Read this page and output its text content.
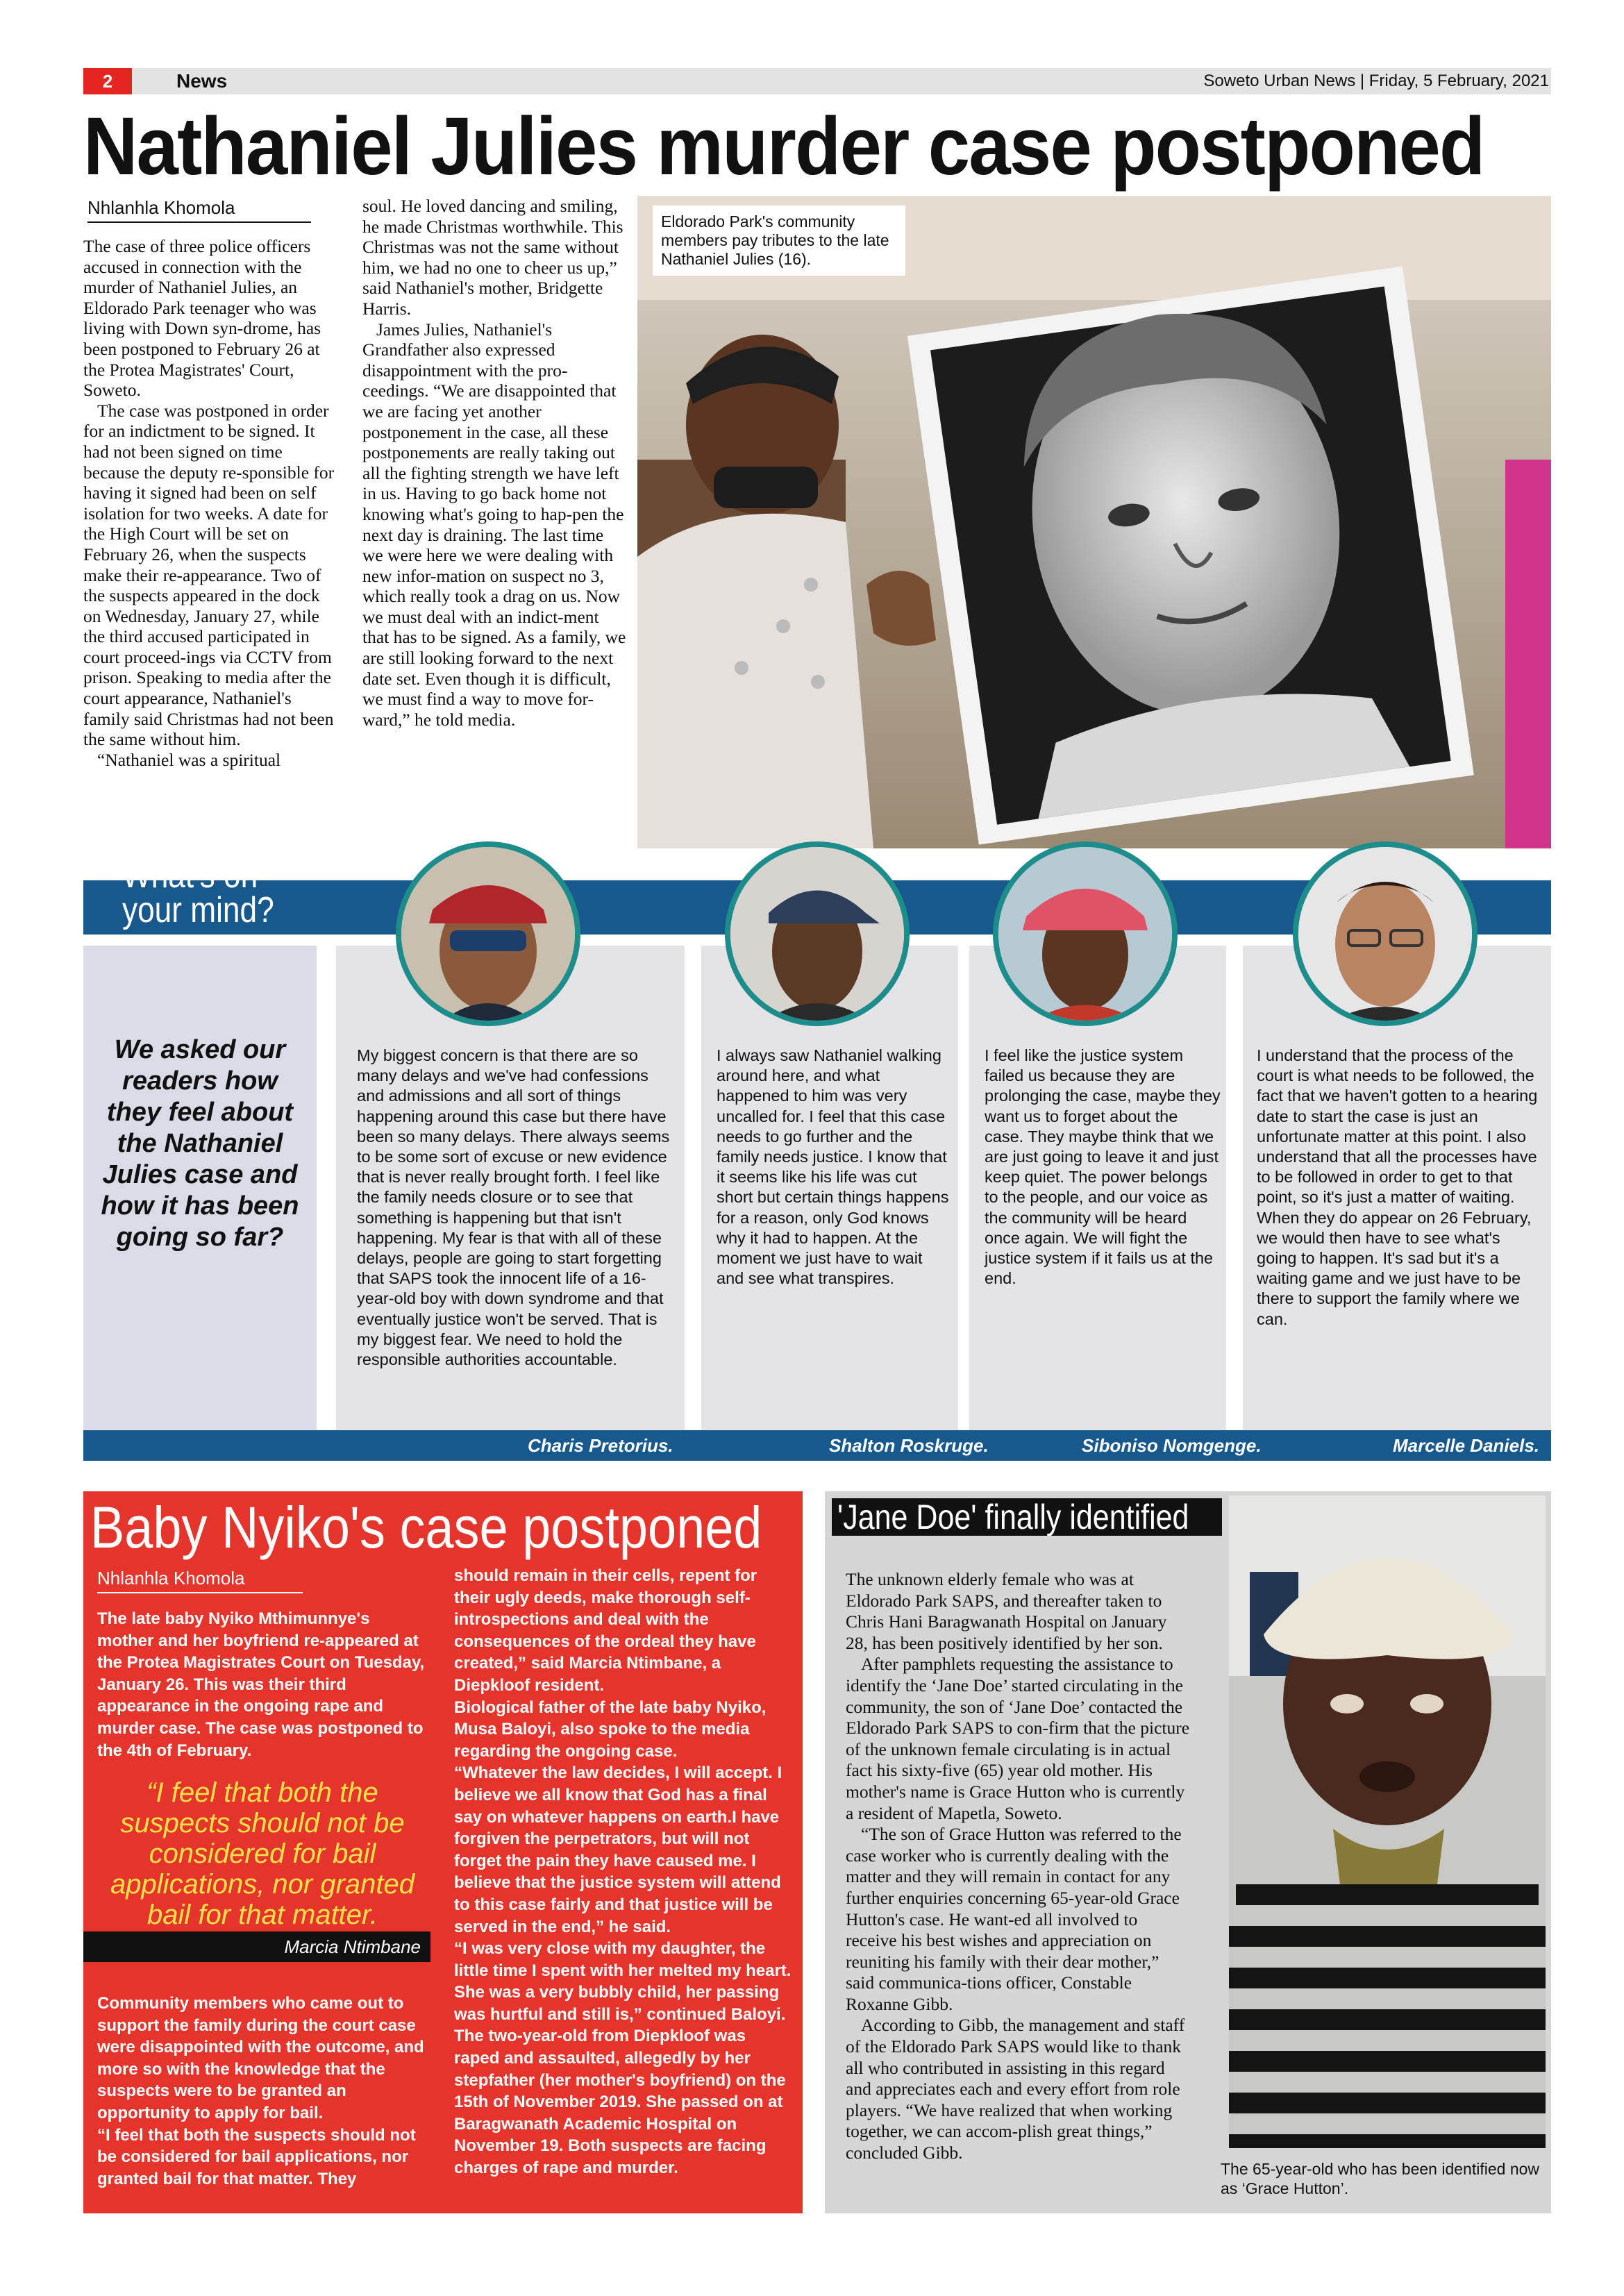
2	News	Soweto Urban News | Friday, 5 February, 2021
Nathaniel Julies murder case postponed
Nhlanhla Khomola

The case of three police officers accused in connection with the murder of Nathaniel Julies, an Eldorado Park teenager who was living with Down syn-drome, has been postponed to February 26 at the Protea Magistrates' Court, Soweto.

The case was postponed in order for an indictment to be signed. It had not been signed on time because the deputy re-sponsible for having it signed had been on self isolation for two weeks. A date for the High Court will be set on February 26, when the suspects make their re-appearance. Two of the suspects appeared in the dock on Wednesday, January 27, while the third accused participated in court proceed-ings via CCTV from prison. Speaking to media after the court appearance, Nathaniel's family said Christmas had not been the same without him.

“Nathaniel was a spiritual

soul. He loved dancing and smiling, he made Christmas worthwhile. This Christmas was not the same without him, we had no one to cheer us up,” said Nathaniel's mother, Bridgette Harris.

James Julies, Nathaniel's Grandfather also expressed disappointment with the pro-ceedings. “We are disappointed that we are facing yet another postponement in the case, all these postponements are really taking out all the fighting strength we have left in us. Having to go back home not knowing what's going to hap-pen the next day is draining. The last time we were here we were dealing with new infor-mation on suspect no 3, which really took a drag on us. Now we must deal with an indict-ment that has to be signed. As a family, we are still looking forward to the next date set. Even though it is difficult, we must find a way to move for-ward,” he told media.

Eldorado Park's community members pay tributes to the late Nathaniel Julies (16).
What's on
your mind?
We asked our readers how they feel about the Nathaniel Julies case and how it has been going so far?
My biggest concern is that there are so many delays and we've had confessions and admissions and all sort of things happening around this case but there have been so many delays. There always seems to be some sort of excuse or new evidence that is never really brought forth. I feel like the family needs closure or to see that something is happening but that isn't happening. My fear is that with all of these delays, people are going to start forgetting that SAPS took the innocent life of a 16-year-old boy with down syndrome and that eventually justice won't be served. That is my biggest fear. We need to hold the responsible authorities accountable.
I always saw Nathaniel walking around here, and what happened to him was very uncalled for. I feel that this case needs to go further and the family needs justice. I know that it seems like his life was cut short but certain things happens for a reason, only God knows why it had to happen. At the moment we just have to wait and see what transpires.
I feel like the justice system failed us because they are prolonging the case, maybe they want us to forget about the case. They maybe think that we are just going to leave it and just keep quiet. The power belongs to the people, and our voice as the community will be heard once again. We will fight the justice system if it fails us at the end.
I understand that the process of the court is what needs to be followed, the fact that we haven't gotten to a hearing date to start the case is just an unfortunate matter at this point. I also understand that all the processes have to be followed in order to get to that point, so it's just a matter of waiting. When they do appear on 26 February, we would then have to see what's going to happen. It's sad but it's a waiting game and we just have to be there to support the family where we can.
Charis Pretorius.	Shalton Roskruge.	Siboniso Nomgenge.	Marcelle Daniels.
Baby Nyiko's case postponed
Nhlanhla Khomola
The late baby Nyiko Mthimunnye's mother and her boyfriend re-appeared at the Protea Magistrates Court on Tuesday, January 26. This was their third appearance in the ongoing rape and murder case. The case was postponed to the 4th of February.
“I feel that both the suspects should not be considered for bail applications, nor granted bail for that matter.
Marcia Ntimbane
Community members who came out to support the family during the court case were disappointed with the outcome, and more so with the knowledge that the suspects were to be granted an opportunity to apply for bail.
“I feel that both the suspects should not be considered for bail applications, nor granted bail for that matter. They
should remain in their cells, repent for their ugly deeds, make thorough self-introspections and deal with the consequences of the ordeal they have created,” said Marcia Ntimbane, a Diepkloof resident.
Biological father of the late baby Nyiko, Musa Baloyi, also spoke to the media regarding the ongoing case.
“Whatever the law decides, I will accept. I believe we all know that God has a final say on whatever happens on earth.I have forgiven the perpetrators, but will not forget the pain they have caused me. I believe that the justice system will attend to this case fairly and that justice will be served in the end,” he said.
“I was very close with my daughter, the little time I spent with her melted my heart. She was a very bubbly child, her passing was hurtful and still is,” continued Baloyi.
The two-year-old from Diepkloof was raped and assaulted, allegedly by her stepfather (her mother's boyfriend) on the 15th of November 2019. She passed on at Baragwanath Academic Hospital on November 19. Both suspects are facing charges of rape and murder.
'Jane Doe' finally identified

The unknown elderly female who was at Eldorado Park SAPS, and thereafter taken to Chris Hani Baragwanath Hospital on January 28, has been positively identified by her son.

After pamphlets requesting the assistance to identify the ‘Jane Doe’ started circulating in the community, the son of ‘Jane Doe’ contacted the Eldorado Park SAPS to con-firm that the picture of the unknown female circulating is in actual fact his sixty-five (65) year old mother. His mother's name is Grace Hutton who is currently a resident of Mapetla, Soweto.

“The son of Grace Hutton was referred to the case worker who is currently dealing with the matter and they will remain in contact for any further enquiries concerning 65-year-old Grace Hutton's case. He want-ed all involved to receive his best wishes and appreciation on reuniting his family with their dear mother,” said communica-tions officer, Constable Roxanne Gibb.

According to Gibb, the management and staff of the Eldorado Park SAPS would like to thank all who contributed in assisting in this regard and appreciates each and every effort from role players. “We have realized that when working together, we can accom-plish great things,” concluded Gibb.

The 65-year-old who has been identified now as ‘Grace Hutton’.
